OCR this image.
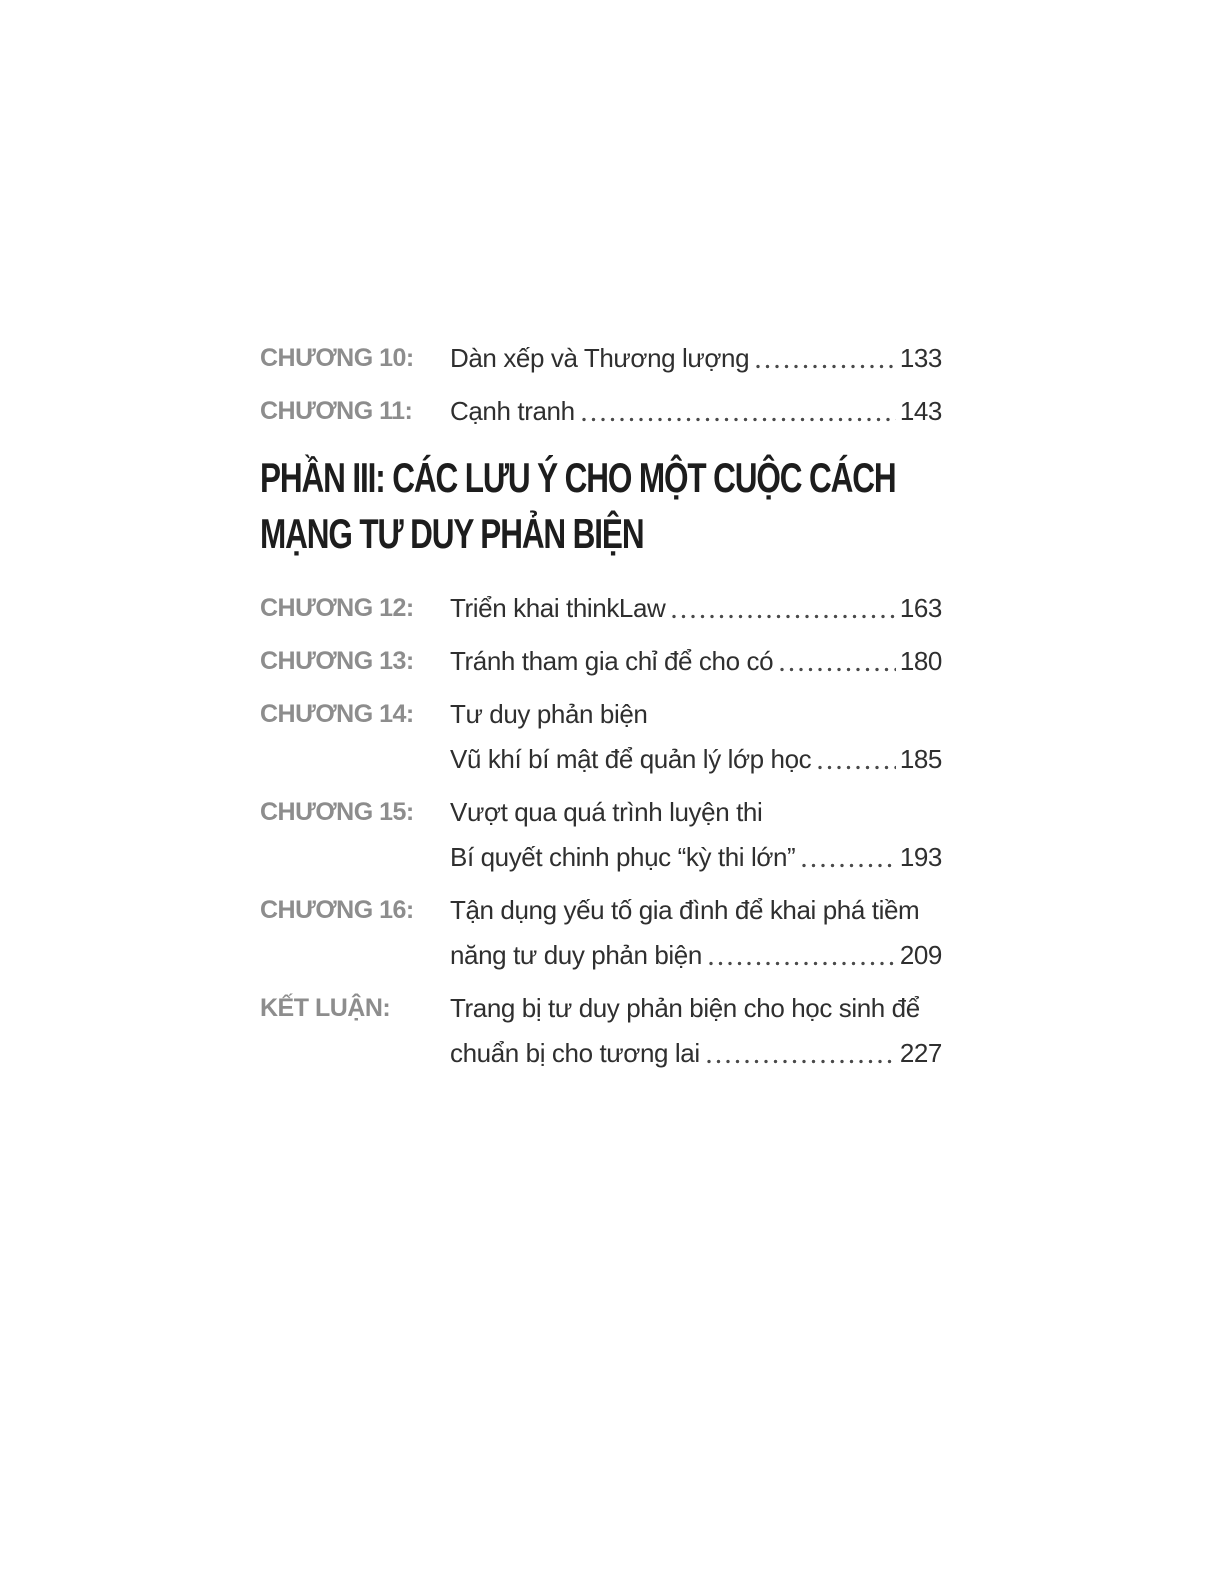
CHƯƠNG 10:	Dàn xếp và Thương lượng	133
CHƯƠNG 11:	Cạnh tranh	143
PHẦN III: CÁC LƯU Ý CHO MỘT CUỘC CÁCH
MẠNG TƯ DUY PHẢN BIỆN
CHƯƠNG 12:	Triển khai thinkLaw	163
CHƯƠNG 13:	Tránh tham gia chỉ để cho có	180
CHƯƠNG 14:	Tư duy phản biện
Vũ khí bí mật để quản lý lớp học	185
CHƯƠNG 15:	Vượt qua quá trình luyện thi
Bí quyết chinh phục “kỳ thi lớn”	193
CHƯƠNG 16:	Tận dụng yếu tố gia đình để khai phá tiềm
năng tư duy phản biện	209
KẾT LUẬN:	Trang bị tư duy phản biện cho học sinh để
chuẩn bị cho tương lai	227
